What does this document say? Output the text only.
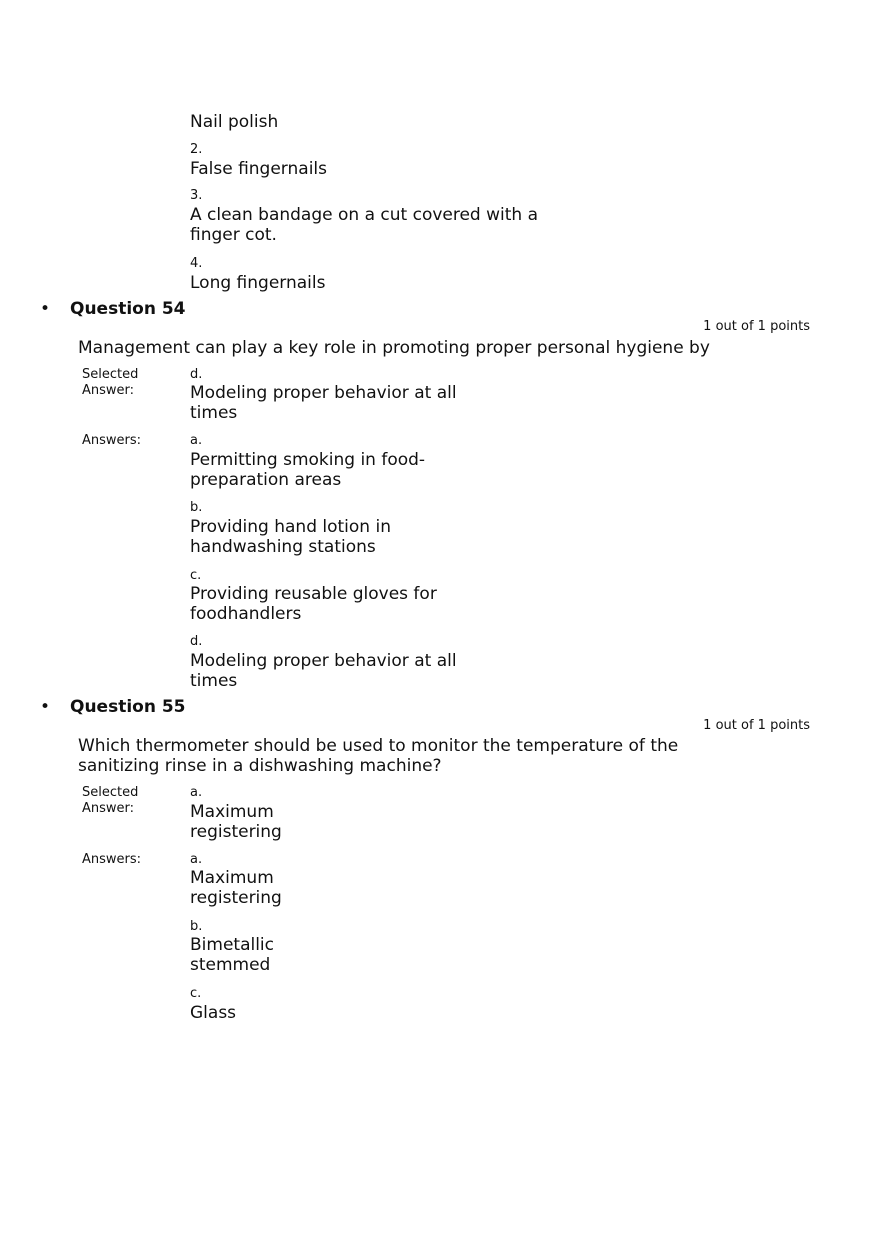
Nail polish
2.
False fingernails
3.
A clean bandage on a cut covered with a
finger cot.
4.
Long fingernails
• Question 54
1 out of 1 points
Management can play a key role in promoting proper personal hygiene by
Selected
Answer:
d.
Modeling proper behavior at all
times
Answers:	a.
Permitting smoking in food-
preparation areas
b.
Providing hand lotion in
handwashing stations
c.
Providing reusable gloves for
foodhandlers
d.
Modeling proper behavior at all
times
• Question 55
1 out of 1 points
Which thermometer should be used to monitor the temperature of the
sanitizing rinse in a dishwashing machine?
Selected
Answer:
a.
Maximum
registering
Answers:	a.
Maximum
registering
b.
Bimetallic
stemmed
c.
Glass
